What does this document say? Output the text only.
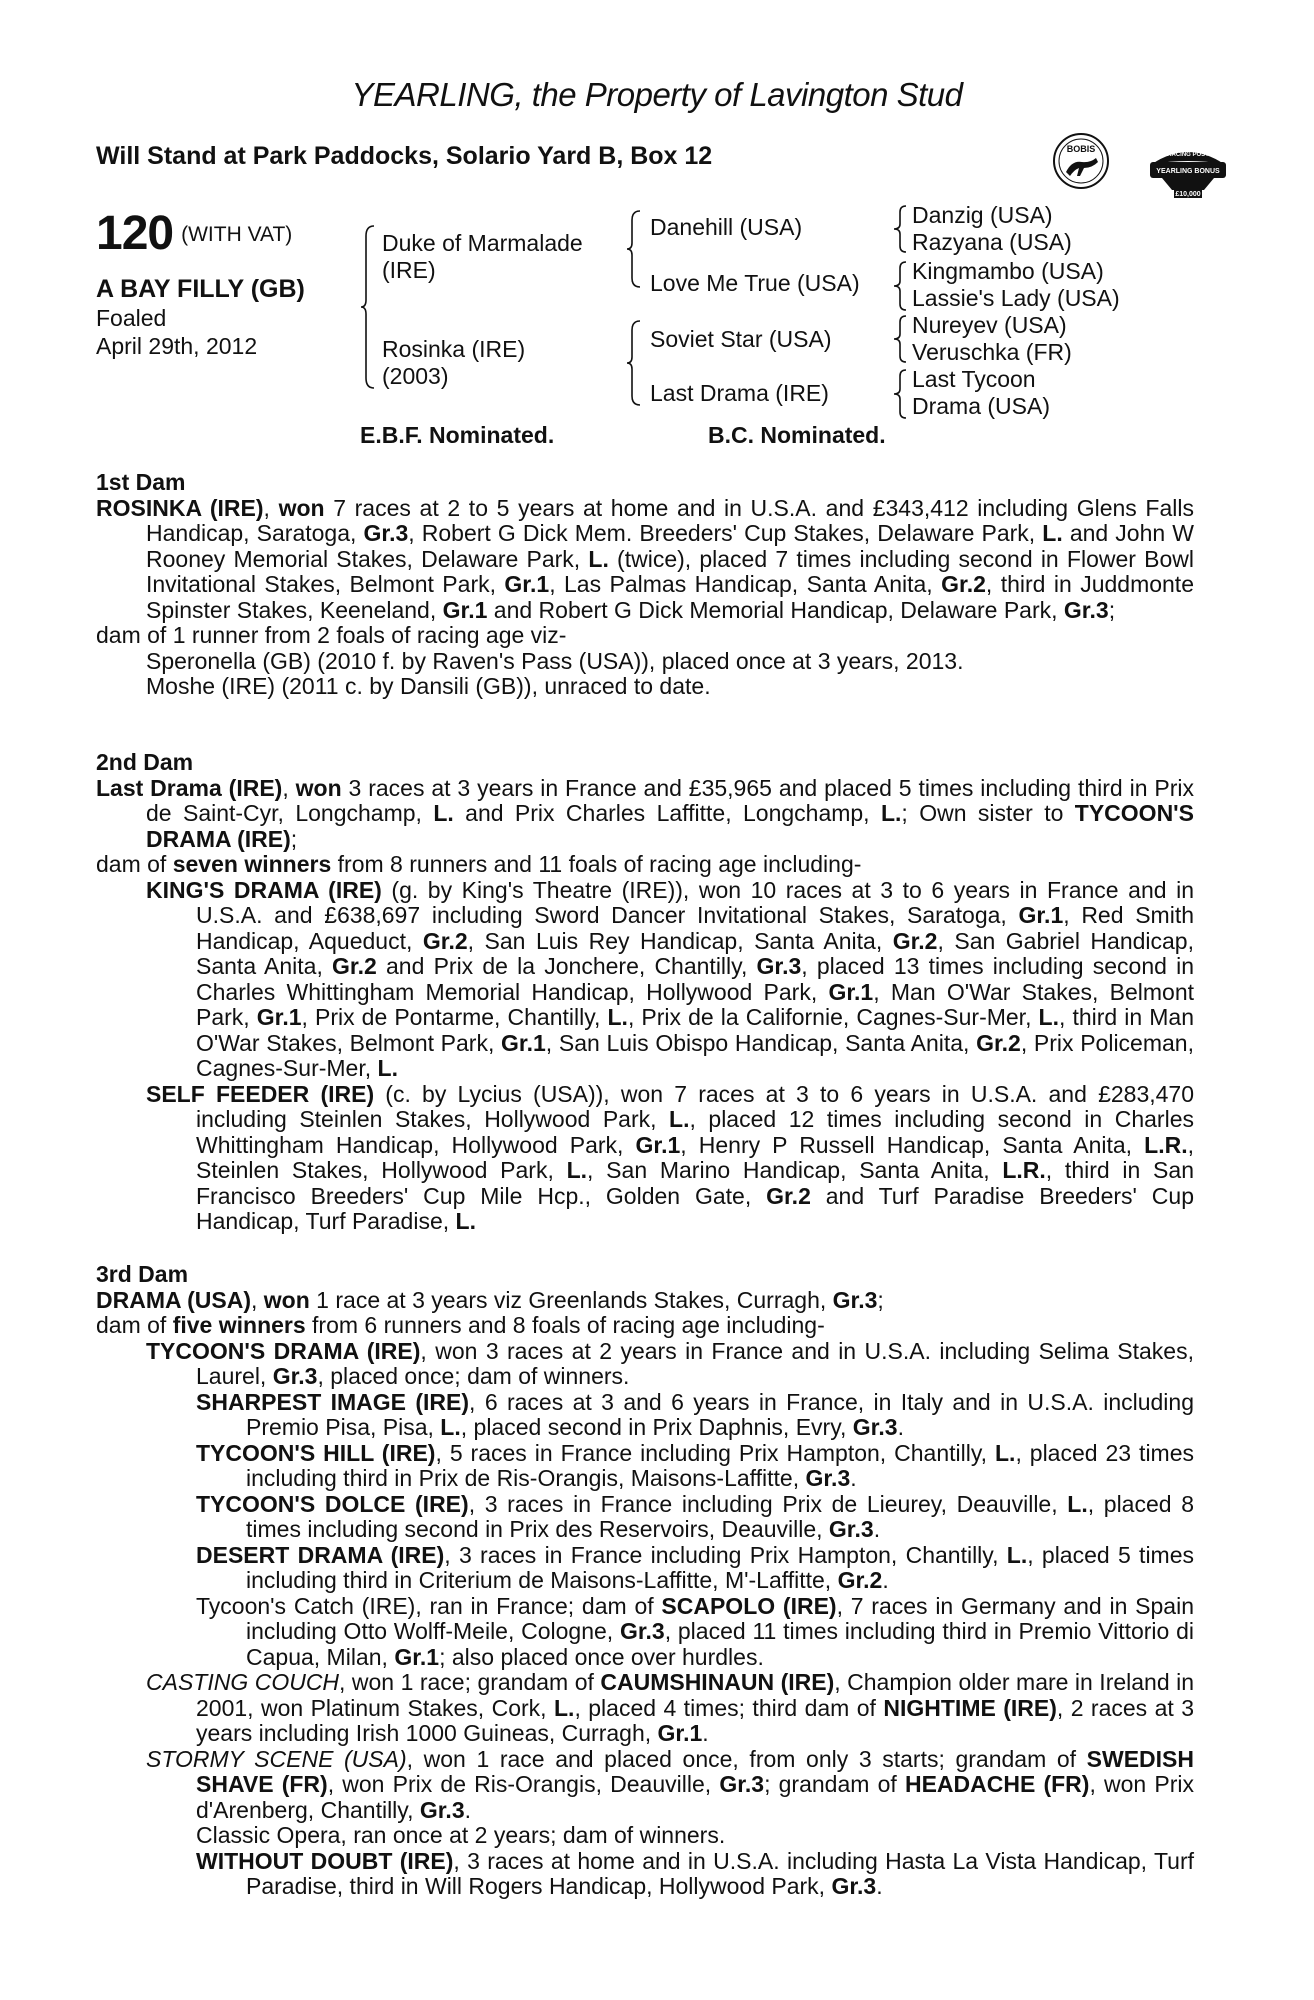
YEARLING, the Property of Lavington Stud
Will Stand at Park Paddocks, Solario Yard B, Box 12	BOBIS
RACING POST
YEARLING BONUS
£10,000
120 (WITH VAT)
A BAY FILLY (GB)
Foaled
April 29th, 2012
Duke of Marmalade
(IRE)
Rosinka (IRE)
(2003)
Danehill (USA)
Love Me True (USA)
Soviet Star (USA)
Last Drama (IRE)
Danzig (USA)
Razyana (USA)
Kingmambo (USA)
Lassie's Lady (USA)
Nureyev (USA)
Veruschka (FR)
Last Tycoon
Drama (USA)
E.B.F. Nominated.	B.C. Nominated.
1st Dam
ROSINKA (IRE), won 7 races at 2 to 5 years at home and in U.S.A. and £343,412 including Glens Falls Handicap, Saratoga, Gr.3, Robert G Dick Mem. Breeders' Cup Stakes, Delaware Park, L. and John W Rooney Memorial Stakes, Delaware Park, L. (twice), placed 7 times including second in Flower Bowl Invitational Stakes, Belmont Park, Gr.1, Las Palmas Handicap, Santa Anita, Gr.2, third in Juddmonte Spinster Stakes, Keeneland, Gr.1 and Robert G Dick Memorial Handicap, Delaware Park, Gr.3;
dam of 1 runner from 2 foals of racing age viz-
Speronella (GB) (2010 f. by Raven's Pass (USA)), placed once at 3 years, 2013.
Moshe (IRE) (2011 c. by Dansili (GB)), unraced to date.
2nd Dam
Last Drama (IRE), won 3 races at 3 years in France and £35,965 and placed 5 times including third in Prix de Saint-Cyr, Longchamp, L. and Prix Charles Laffitte, Longchamp, L.; Own sister to TYCOON'S DRAMA (IRE);
dam of seven winners from 8 runners and 11 foals of racing age including-
KING'S DRAMA (IRE) (g. by King's Theatre (IRE)), won 10 races at 3 to 6 years in France and in U.S.A. and £638,697 including Sword Dancer Invitational Stakes, Saratoga, Gr.1, Red Smith Handicap, Aqueduct, Gr.2, San Luis Rey Handicap, Santa Anita, Gr.2, San Gabriel Handicap, Santa Anita, Gr.2 and Prix de la Jonchere, Chantilly, Gr.3, placed 13 times including second in Charles Whittingham Memorial Handicap, Hollywood Park, Gr.1, Man O'War Stakes, Belmont Park, Gr.1, Prix de Pontarme, Chantilly, L., Prix de la Californie, Cagnes-Sur-Mer, L., third in Man O'War Stakes, Belmont Park, Gr.1, San Luis Obispo Handicap, Santa Anita, Gr.2, Prix Policeman, Cagnes-Sur-Mer, L.
SELF FEEDER (IRE) (c. by Lycius (USA)), won 7 races at 3 to 6 years in U.S.A. and £283,470 including Steinlen Stakes, Hollywood Park, L., placed 12 times including second in Charles Whittingham Handicap, Hollywood Park, Gr.1, Henry P Russell Handicap, Santa Anita, L.R., Steinlen Stakes, Hollywood Park, L., San Marino Handicap, Santa Anita, L.R., third in San Francisco Breeders' Cup Mile Hcp., Golden Gate, Gr.2 and Turf Paradise Breeders' Cup Handicap, Turf Paradise, L.
3rd Dam
DRAMA (USA), won 1 race at 3 years viz Greenlands Stakes, Curragh, Gr.3;
dam of five winners from 6 runners and 8 foals of racing age including-
TYCOON'S DRAMA (IRE), won 3 races at 2 years in France and in U.S.A. including Selima Stakes, Laurel, Gr.3, placed once; dam of winners.
SHARPEST IMAGE (IRE), 6 races at 3 and 6 years in France, in Italy and in U.S.A. including Premio Pisa, Pisa, L., placed second in Prix Daphnis, Evry, Gr.3.
TYCOON'S HILL (IRE), 5 races in France including Prix Hampton, Chantilly, L., placed 23 times including third in Prix de Ris-Orangis, Maisons-Laffitte, Gr.3.
TYCOON'S DOLCE (IRE), 3 races in France including Prix de Lieurey, Deauville, L., placed 8 times including second in Prix des Reservoirs, Deauville, Gr.3.
DESERT DRAMA (IRE), 3 races in France including Prix Hampton, Chantilly, L., placed 5 times including third in Criterium de Maisons-Laffitte, M'-Laffitte, Gr.2.
Tycoon's Catch (IRE), ran in France; dam of SCAPOLO (IRE), 7 races in Germany and in Spain including Otto Wolff-Meile, Cologne, Gr.3, placed 11 times including third in Premio Vittorio di Capua, Milan, Gr.1; also placed once over hurdles.
CASTING COUCH, won 1 race; grandam of CAUMSHINAUN (IRE), Champion older mare in Ireland in 2001, won Platinum Stakes, Cork, L., placed 4 times; third dam of NIGHTIME (IRE), 2 races at 3 years including Irish 1000 Guineas, Curragh, Gr.1.
STORMY SCENE (USA), won 1 race and placed once, from only 3 starts; grandam of SWEDISH SHAVE (FR), won Prix de Ris-Orangis, Deauville, Gr.3; grandam of HEADACHE (FR), won Prix d'Arenberg, Chantilly, Gr.3.
Classic Opera, ran once at 2 years; dam of winners.
WITHOUT DOUBT (IRE), 3 races at home and in U.S.A. including Hasta La Vista Handicap, Turf Paradise, third in Will Rogers Handicap, Hollywood Park, Gr.3.
